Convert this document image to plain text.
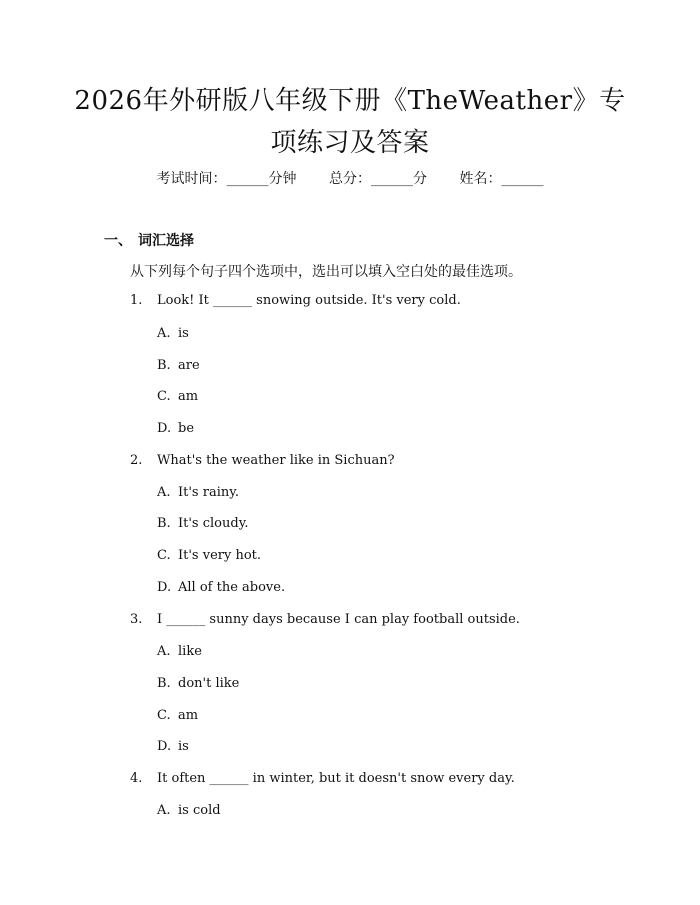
2026年外研版八年级下册《TheWeather》专
项练习及答案
考试时间：______分钟 总分：______分 姓名：______
一、 词汇选择
从下列每个句子四个选项中，选出可以填入空白处的最佳选项。
1. Look! It ______ snowing outside. It's very cold.
A. is
B. are
C. am
D. be
2. What's the weather like in Sichuan?
A. It's rainy.
B. It's cloudy.
C. It's very hot.
D. All of the above.
3. I ______ sunny days because I can play football outside.
A. like
B. don't like
C. am
D. is
4. It often ______ in winter, but it doesn't snow every day.
A. is cold
